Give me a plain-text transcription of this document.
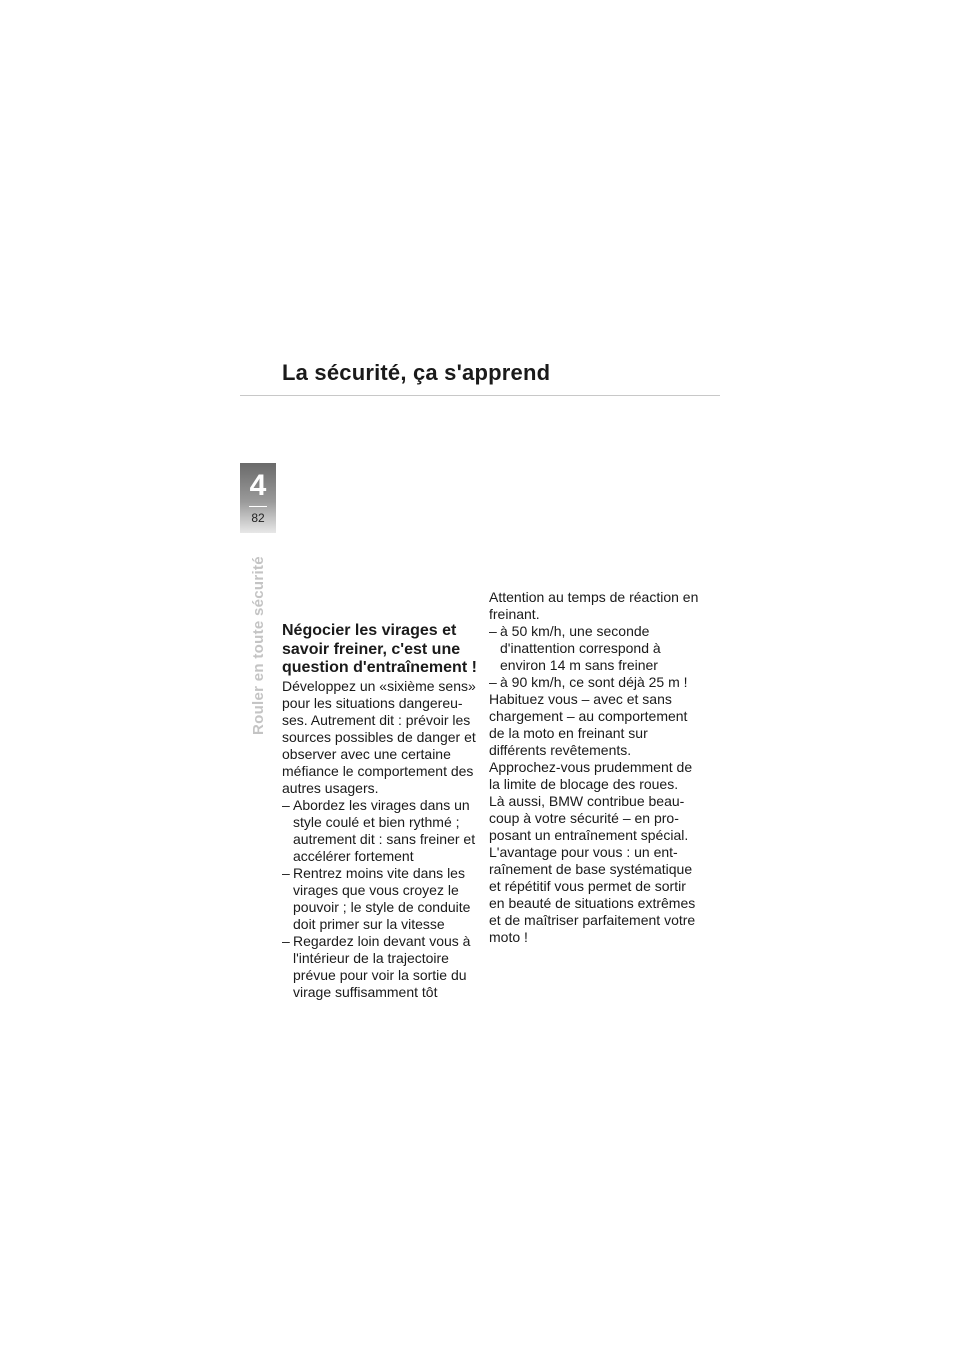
La sécurité, ça s'apprend
4
82
Rouler en toute sécurité Négocier les virages et savoir freiner, c'est une question d'entraînement !

Développez un «sixième sens» pour les situations dangereuses. Autrement dit : prévoir les sources possibles de danger et observer avec une certaine méfiance le comportement des autres usagers.

– Abordez les virages dans un style coulé et bien rythmé ; autrement dit : sans freiner et accélérer fortement
– Rentrez moins vite dans les virages que vous croyez le pouvoir ; le style de conduite doit primer sur la vitesse
– Regardez loin devant vous à l'intérieur de la trajectoire prévue pour voir la sortie du virage suffisamment tôt

Attention au temps de réaction en freinant.

– à 50 km/h, une seconde d'inattention correspond à environ 14 m sans freiner
– à 90 km/h, ce sont déjà 25 m !

Habituez vous – avec et sans chargement – au comportement de la moto en freinant sur différents revêtements.

Approchez-vous prudemment de la limite de blocage des roues.

Là aussi, BMW contribue beaucoup à votre sécurité – en proposant un entraînement spécial.

L'avantage pour vous : un entraînement de base systématique et répétitif vous permet de sortir en beauté de situations extrêmes et de maîtriser parfaitement votre moto !
